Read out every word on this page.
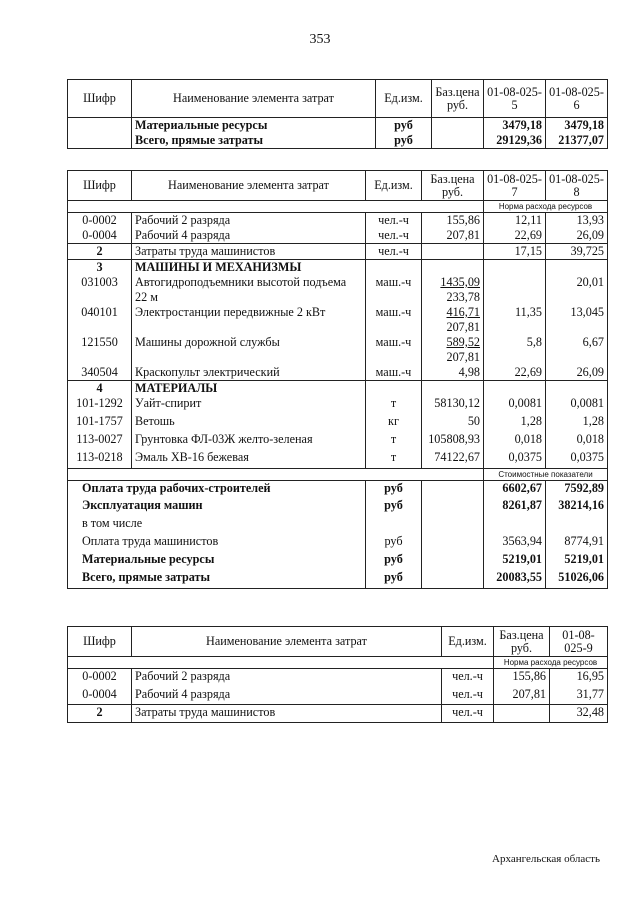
353
Шифр	Наименование элемента затрат	Ед.изм.	Баз.цена руб.	01-08-025-5	01-08-025-6
	Материальные ресурсы	руб		3479,18	3479,18
	Всего, прямые затраты	руб		29129,36	21377,07
Шифр	Наименование элемента затрат	Ед.изм.	Баз.цена руб.	01-08-025-7	01-08-025-8
				Норма расхода ресурсов	
0-0002	Рабочий 2 разряда	чел.-ч	155,86	12,11	13,93
0-0004	Рабочий 4 разряда	чел.-ч	207,81	22,69	26,09
2	Затраты труда машинистов	чел.-ч		17,15	39,725
3	МАШИНЫ И МЕХАНИЗМЫ				
031003	Автогидроподъемники высотой подъема	маш.-ч	1435,09		20,01
	22 м		233,78		
040101	Электростанции передвижные 2 кВт	маш.-ч	416,71	11,35	13,045
			207,81		
121550	Машины дорожной службы	маш.-ч	589,52	5,8	6,67
			207,81		
340504	Краскопульт электрический	маш.-ч	4,98	22,69	26,09
4	МАТЕРИАЛЫ				
101-1292	Уайт-спирит	т	58130,12	0,0081	0,0081
101-1757	Ветошь	кг	50	1,28	1,28
113-0027	Грунтовка ФЛ-03Ж желто-зеленая	т	105808,93	0,018	0,018
113-0218	Эмаль ХВ-16 бежевая	т	74122,67	0,0375	0,0375
				Стоимостные показатели	
Оплата труда рабочих-строителей		руб		6602,67	7592,89
Эксплуатация машин		руб		8261,87	38214,16
в том числе					
Оплата труда машинистов		руб		3563,94	8774,91
Материальные ресурсы		руб		5219,01	5219,01
Всего, прямые затраты		руб		20083,55	51026,06
Шифр	Наименование элемента затрат	Ед.изм.	Баз.цена руб.	01-08-025-9
			Норма расхода ресурсов	
0-0002	Рабочий 2 разряда	чел.-ч	155,86	16,95
0-0004	Рабочий 4 разряда	чел.-ч	207,81	31,77
2	Затраты труда машинистов	чел.-ч		32,48
Архангельская область
